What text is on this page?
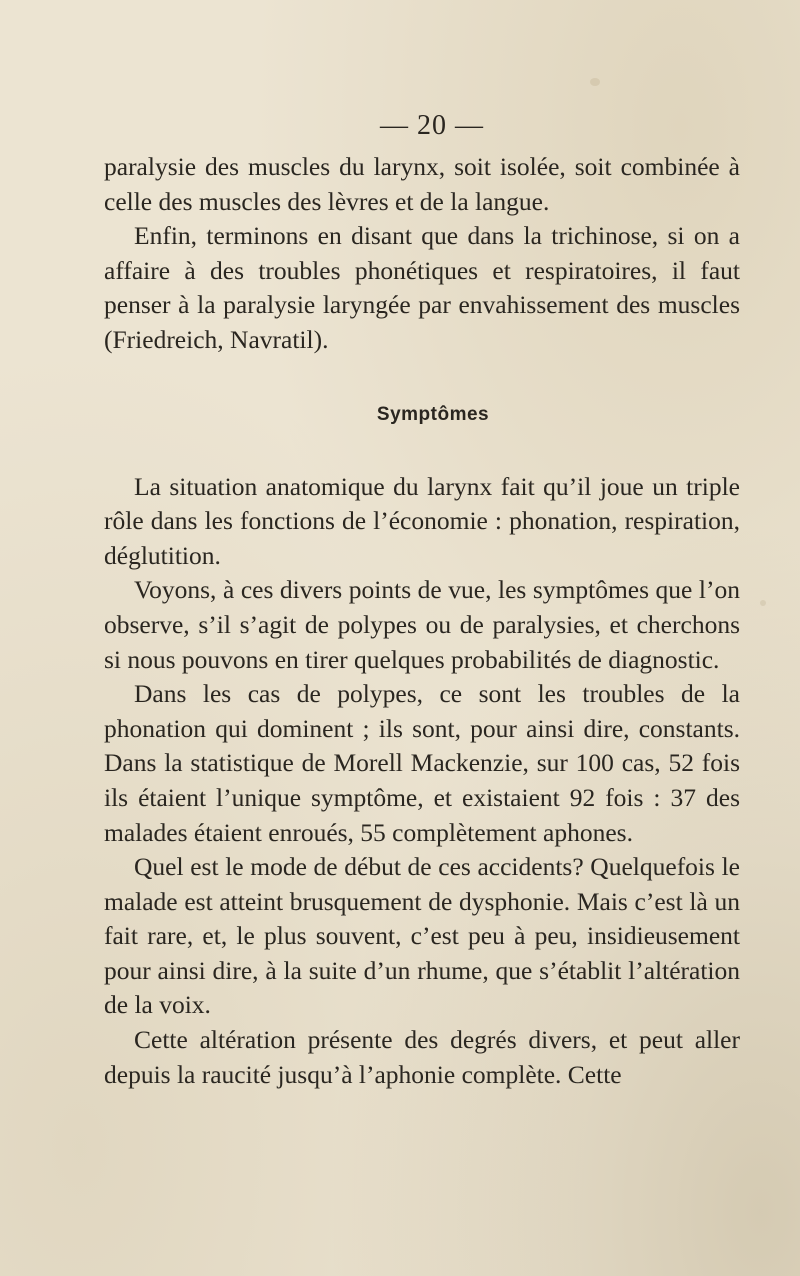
— 20 —

paralysie des muscles du larynx, soit isolée, soit combinée à celle des muscles des lèvres et de la langue.

Enfin, terminons en disant que dans la trichinose, si on a affaire à des troubles phonétiques et respiratoires, il faut penser à la paralysie laryngée par envahissement des muscles (Friedreich, Navratil).

Symptômes

La situation anatomique du larynx fait qu’il joue un triple rôle dans les fonctions de l’économie : phonation, respiration, déglutition.

Voyons, à ces divers points de vue, les symptômes que l’on observe, s’il s’agit de polypes ou de paralysies, et cherchons si nous pouvons en tirer quelques probabilités de diagnostic.

Dans les cas de polypes, ce sont les troubles de la phonation qui dominent ; ils sont, pour ainsi dire, constants. Dans la statistique de Morell Mackenzie, sur 100 cas, 52 fois ils étaient l’unique symptôme, et existaient 92 fois : 37 des malades étaient enroués, 55 complètement aphones.

Quel est le mode de début de ces accidents? Quelquefois le malade est atteint brusquement de dysphonie. Mais c’est là un fait rare, et, le plus souvent, c’est peu à peu, insidieusement pour ainsi dire, à la suite d’un rhume, que s’établit l’altération de la voix.

Cette altération présente des degrés divers, et peut aller depuis la raucité jusqu’à l’aphonie complète. Cette
